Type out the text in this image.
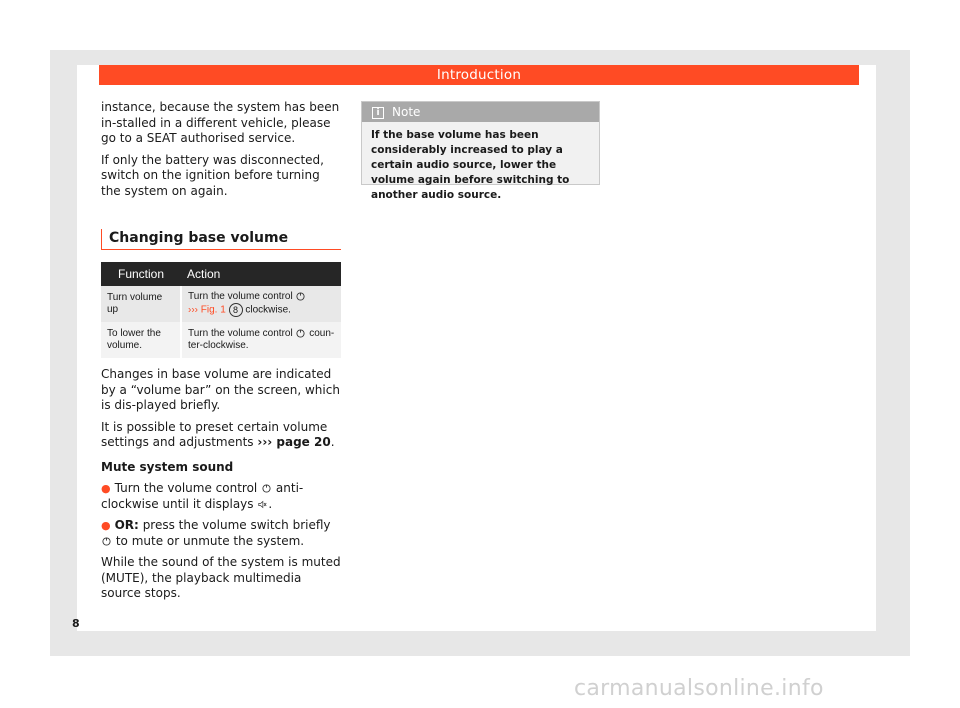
Introduction

instance, because the system has been in-stalled in a different vehicle, please go to a SEAT authorised service.

If only the battery was disconnected, switch on the ignition before turning the system on again.

Changing base volume
Function	Action
Turn volume up	Turn the volume control
››› Fig. 1 8 clockwise.
To lower the volume.	Turn the volume control coun-ter-clockwise.

Changes in base volume are indicated by a “volume bar” on the screen, which is dis-played briefly.

It is possible to preset certain volume settings and adjustments ››› page 20.

Mute system sound

● Turn the volume control anti-clockwise until it displays .

● OR: press the volume switch briefly  to mute or unmute the system.

While the sound of the system is muted (MUTE), the playback multimedia source stops.

i Note
If the base volume has been considerably increased to play a certain audio source, lower the volume again before switching to another audio source.
8
carmanualsonline.info
